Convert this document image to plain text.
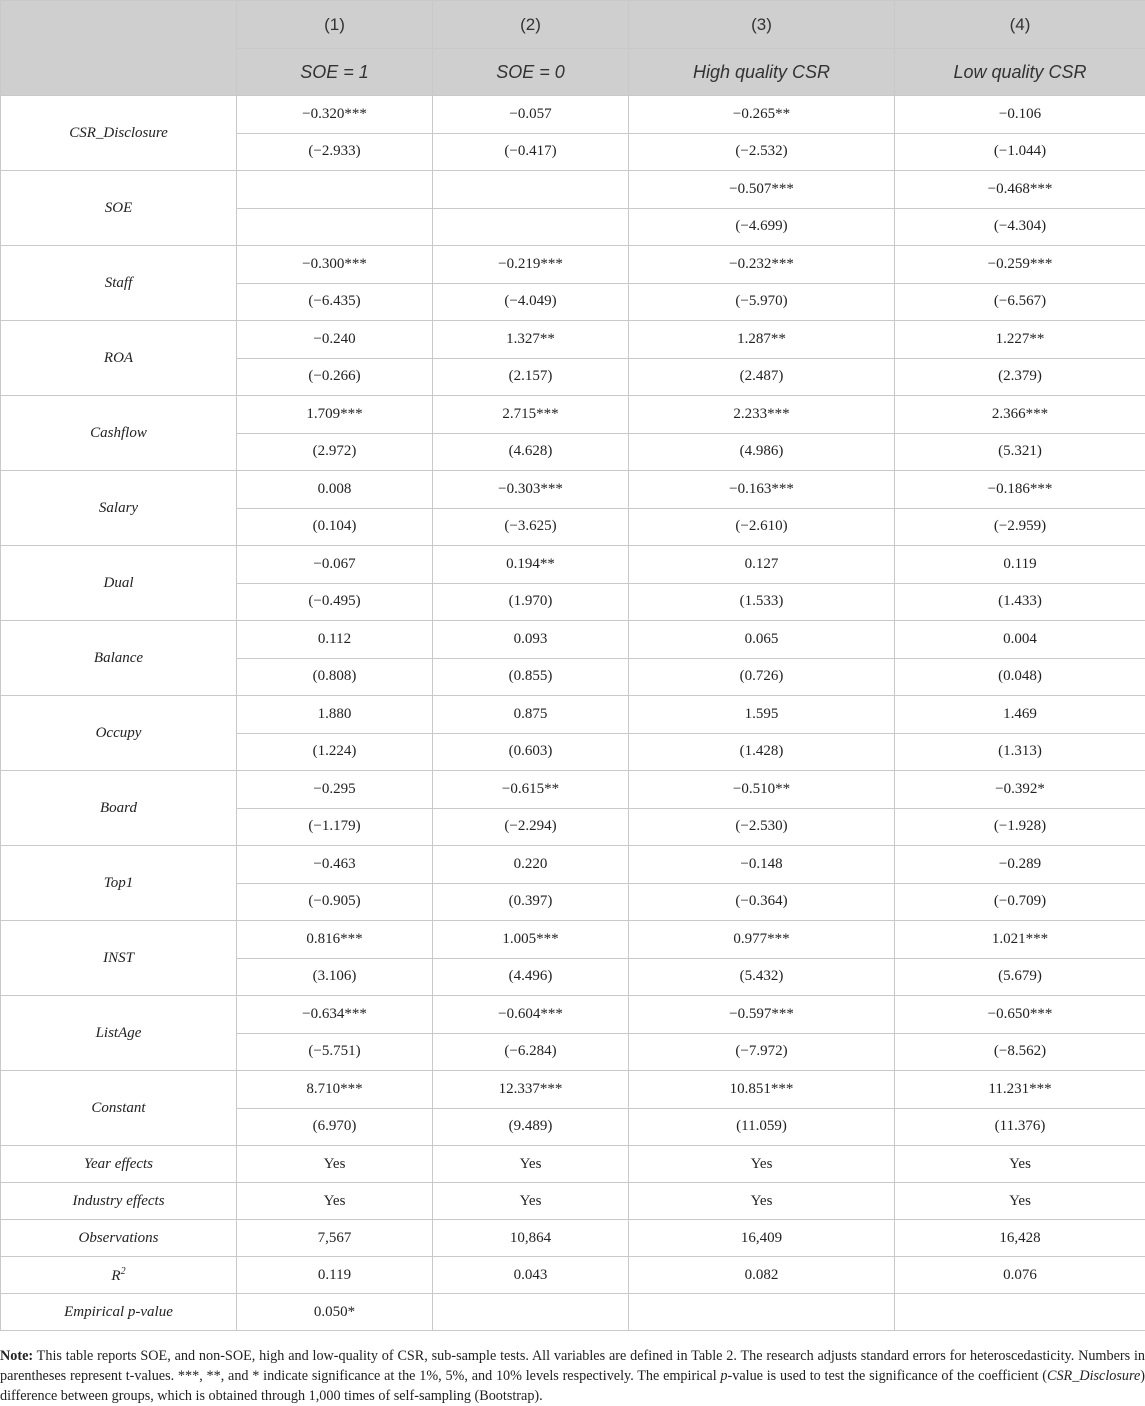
	(1)	(2)	(3)	(4)
	SOE = 1	SOE = 0	High quality CSR	Low quality CSR
CSR_Disclosure	−0.320***	−0.057	−0.265**	−0.106
	(−2.933)	(−0.417)	(−2.532)	(−1.044)
SOE			−0.507***	−0.468***
			(−4.699)	(−4.304)
Staff	−0.300***	−0.219***	−0.232***	−0.259***
	(−6.435)	(−4.049)	(−5.970)	(−6.567)
ROA	−0.240	1.327**	1.287**	1.227**
	(−0.266)	(2.157)	(2.487)	(2.379)
Cashflow	1.709***	2.715***	2.233***	2.366***
	(2.972)	(4.628)	(4.986)	(5.321)
Salary	0.008	−0.303***	−0.163***	−0.186***
	(0.104)	(−3.625)	(−2.610)	(−2.959)
Dual	−0.067	0.194**	0.127	0.119
	(−0.495)	(1.970)	(1.533)	(1.433)
Balance	0.112	0.093	0.065	0.004
	(0.808)	(0.855)	(0.726)	(0.048)
Occupy	1.880	0.875	1.595	1.469
	(1.224)	(0.603)	(1.428)	(1.313)
Board	−0.295	−0.615**	−0.510**	−0.392*
	(−1.179)	(−2.294)	(−2.530)	(−1.928)
Top1	−0.463	0.220	−0.148	−0.289
	(−0.905)	(0.397)	(−0.364)	(−0.709)
INST	0.816***	1.005***	0.977***	1.021***
	(3.106)	(4.496)	(5.432)	(5.679)
ListAge	−0.634***	−0.604***	−0.597***	−0.650***
	(−5.751)	(−6.284)	(−7.972)	(−8.562)
Constant	8.710***	12.337***	10.851***	11.231***
	(6.970)	(9.489)	(11.059)	(11.376)
Year effects	Yes	Yes	Yes	Yes
Industry effects	Yes	Yes	Yes	Yes
Observations	7,567	10,864	16,409	16,428
$R^2$	0.119	0.043	0.082	0.076
Empirical p-value	0.050*			
Note: This table reports SOE, and non-SOE, high and low-quality of CSR, sub-sample tests. All variables are defined in Table 2. The research adjusts standard errors for heteroscedasticity. Numbers in parentheses represent t-values. ***, **, and * indicate significance at the 1%, 5%, and 10% levels respectively. The empirical p-value is used to test the significance of the coefficient (CSR_Disclosure) difference between groups, which is obtained through 1,000 times of self-sampling (Bootstrap).
